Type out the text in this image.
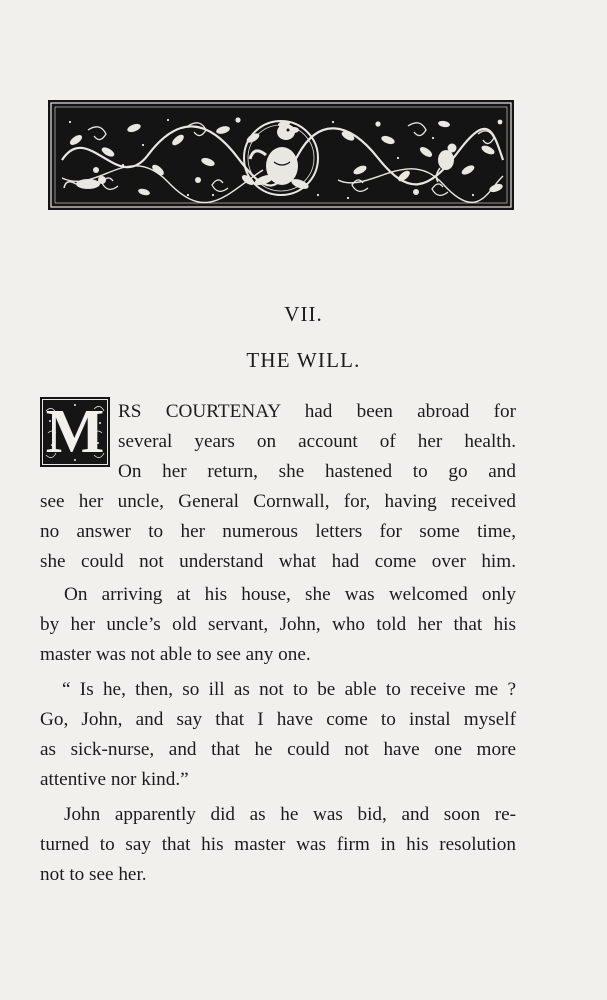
VII.
THE WILL.
M RS COURTENAY had been abroad for
several years on account of her health.
On her return, she hastened to go and
see her uncle, General Cornwall, for, having received
no answer to her numerous letters for some time,
she could not understand what had come over him.
On arriving at his house, she was welcomed only
by her uncle’s old servant, John, who told her that his
master was not able to see any one.
“ Is he, then, so ill as not to be able to receive me ?
Go, John, and say that I have come to instal myself
as sick-nurse, and that he could not have one more
attentive nor kind.”
John apparently did as he was bid, and soon re-
turned to say that his master was firm in his resolution
not to see her.
